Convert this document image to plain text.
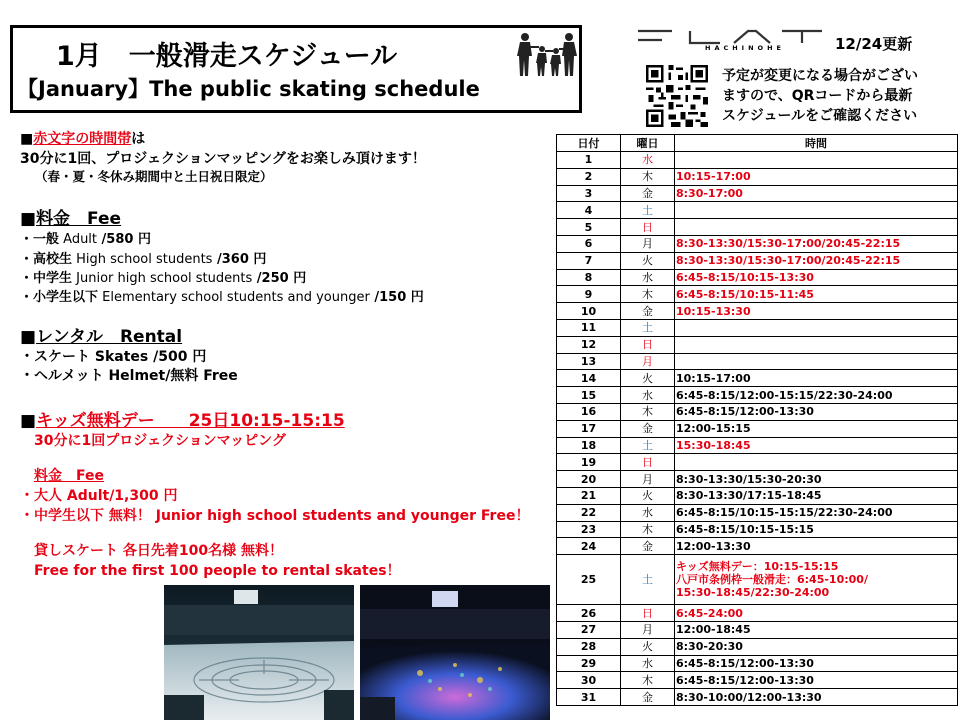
1月　一般滑走スケジュール
【January】The public skating schedule
HACHINOHE	12/24更新
予定が変更になる場合がござい
ますので、QRコードから最新
スケジュールをご確認ください
■赤文字の時間帯は
30分に1回、プロジェクションマッピングをお楽しみ頂けます！
（春・夏・冬休み期間中と土日祝日限定）
■料金　Fee
・一般 Adult /580 円
・高校生 High school students /360 円
・中学生 Junior high school students /250 円
・小学生以下 Elementary school students and younger /150 円
■レンタル　Rental
・スケート Skates /500 円
・ヘルメット Helmet/無料 Free
■キッズ無料デー　　25日10:15-15:15
30分に1回プロジェクションマッピング
料金　Fee
・大人 Adult/1,300 円
・中学生以下 無料！ Junior high school students and younger Free！
貸しスケート 各日先着100名様 無料！
Free for the first 100 people to rental skates！
日付	曜日	時間
1	水	
2	木	10:15-17:00
3	金	8:30-17:00
4	土	
5	日	
6	月	8:30-13:30/15:30-17:00/20:45-22:15
7	火	8:30-13:30/15:30-17:00/20:45-22:15
8	水	6:45-8:15/10:15-13:30
9	木	6:45-8:15/10:15-11:45
10	金	10:15-13:30
11	土	
12	日	
13	月	
14	火	10:15-17:00
15	水	6:45-8:15/12:00-15:15/22:30-24:00
16	木	6:45-8:15/12:00-13:30
17	金	12:00-15:15
18	土	15:30-18:45
19	日	
20	月	8:30-13:30/15:30-20:30
21	火	8:30-13:30/17:15-18:45
22	水	6:45-8:15/10:15-15:15/22:30-24:00
23	木	6:45-8:15/10:15-15:15
24	金	12:00-13:30
25	土	キッズ無料デー：10:15-15:15
八戸市条例枠一般滑走：6:45-10:00/
15:30-18:45/22:30-24:00
26	日	6:45-24:00
27	月	12:00-18:45
28	火	8:30-20:30
29	水	6:45-8:15/12:00-13:30
30	木	6:45-8:15/12:00-13:30
31	金	8:30-10:00/12:00-13:30
